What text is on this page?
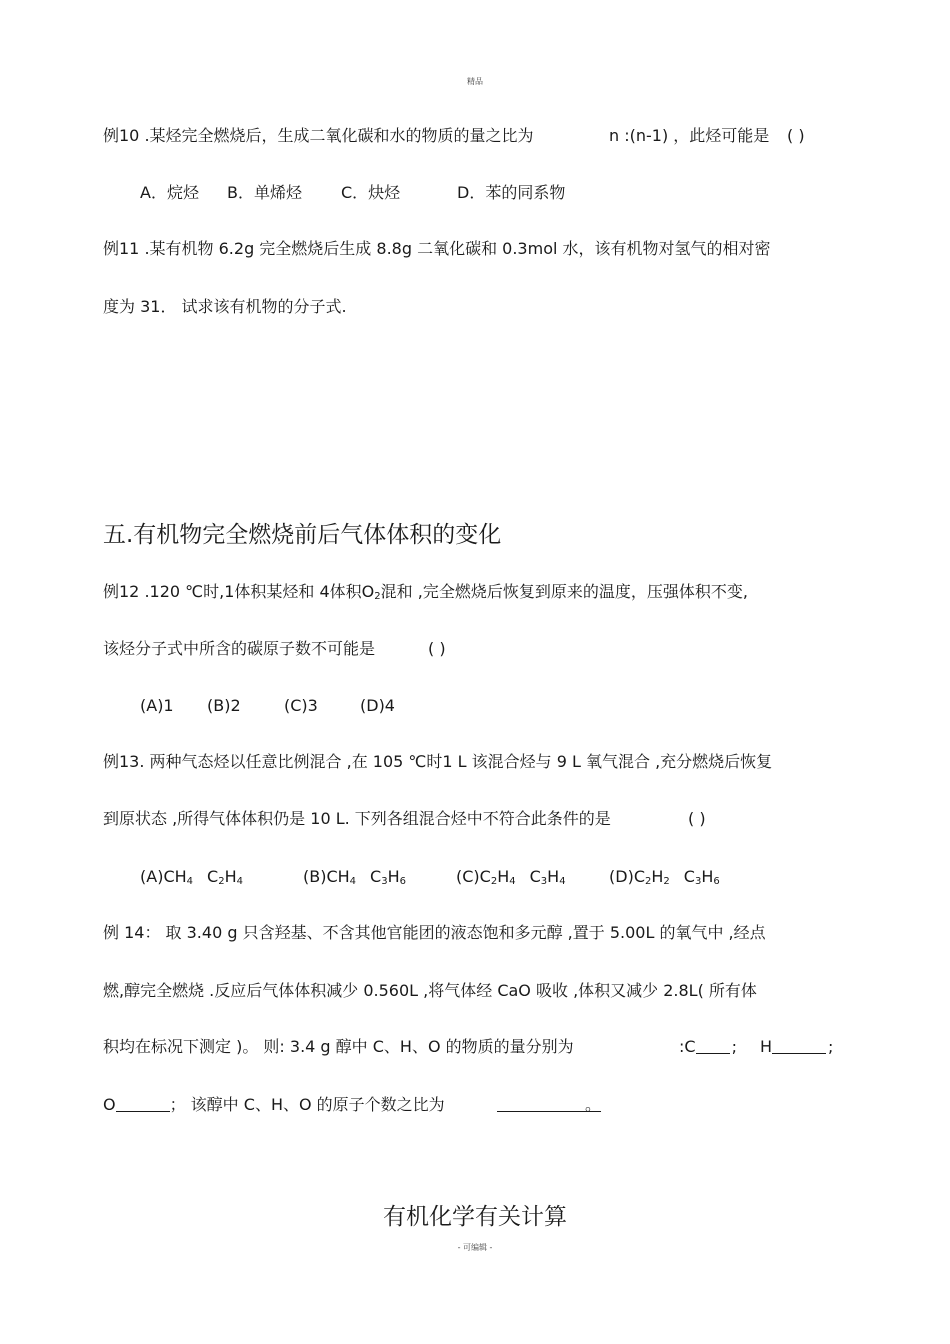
精品
例10 .某烃完全燃烧后，生成二氧化碳和水的物质的量之比为	n :(n-1) ，此烃可能是 ( )
A．烷烃 B．单烯烃 C．炔烃	D．苯的同系物
例11 .某有机物 6.2g 完全燃烧后生成 8.8g 二氧化碳和 0.3mol 水，该有机物对氢气的相对密
度为 31． 试求该有机物的分子式.
五.有机物完全燃烧前后气体体积的变化
例12 .120 ℃时,1体积某烃和 4体积$O_2$混和 ,完全燃烧后恢复到原来的温度，压强体积不变,
该烃分子式中所含的碳原子数不可能是	( )
(A)1 (B)2	(C)3	(D)4
例13. 两种气态烃以任意比例混合 ,在 105 ℃时1 L 该混合烃与 9 L 氧气混合 ,充分燃烧后恢复
到原状态 ,所得气体体积仍是 10 L. 下列各组混合烃中不符合此条件的是	( )
$(A)CH_4$ $C_2H_4$	$(B)CH_4$ $C_3H_6$	$(C)C_2H_4$ $C_3H_4$	$(D)C_2H_2$ $C_3H_6$
例 14： 取 3.40 g 只含羟基、不含其他官能团的液态饱和多元醇 ,置于 5.00L 的氧气中 ,经点
燃,醇完全燃烧 .反应后气体体积减少 0.560L ,将气体经 CaO 吸收 ,体积又减少 2.8L( 所有体
积均在标况下测定 )。 则: 3.4 g 醇中 C、H、O 的物质的量分别为	:C ; H	;
O	； 该醇中 C、H、O 的原子个数之比为	。
有机化学有关计算
- 可编辑 -
